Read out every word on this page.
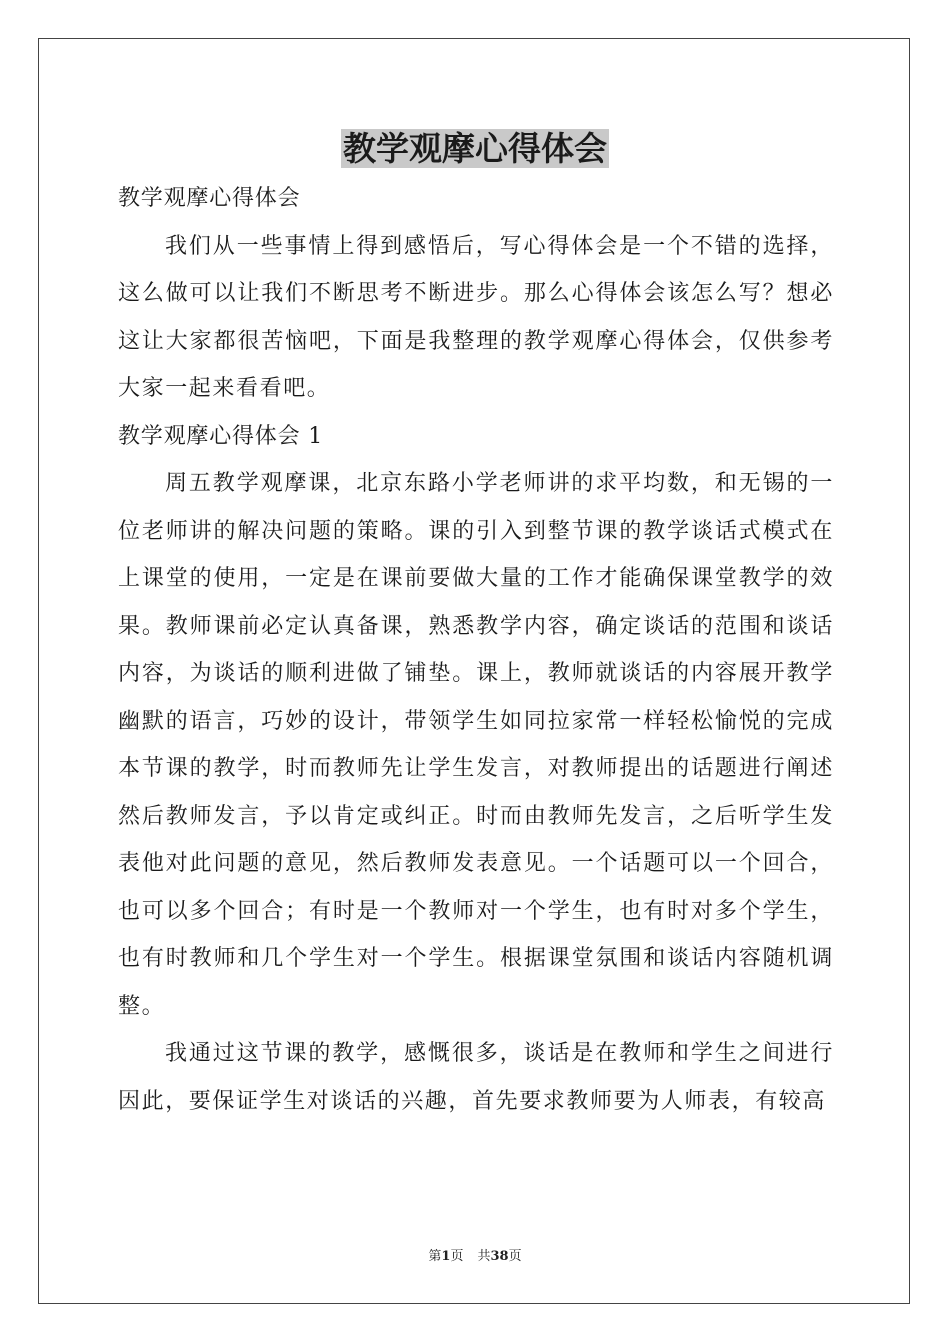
教学观摩心得体会

教学观摩心得体会

我们从一些事情上得到感悟后，写心得体会是一个不错的选择，这么做可以让我们不断思考不断进步。那么心得体会该怎么写？想必这让大家都很苦恼吧，下面是我整理的教学观摩心得体会，仅供参考大家一起来看看吧。

教学观摩心得体会 1

周五教学观摩课，北京东路小学老师讲的求平均数，和无锡的一位老师讲的解决问题的策略。课的引入到整节课的教学谈话式模式在上课堂的使用，一定是在课前要做大量的工作才能确保课堂教学的效果。教师课前必定认真备课，熟悉教学内容，确定谈话的范围和谈话内容，为谈话的顺利进做了铺垫。课上，教师就谈话的内容展开教学幽默的语言，巧妙的设计，带领学生如同拉家常一样轻松愉悦的完成本节课的教学，时而教师先让学生发言，对教师提出的话题进行阐述然后教师发言，予以肯定或纠正。时而由教师先发言，之后听学生发表他对此问题的意见，然后教师发表意见。一个话题可以一个回合，也可以多个回合；有时是一个教师对一个学生，也有时对多个学生，也有时教师和几个学生对一个学生。根据课堂氛围和谈话内容随机调整。

我通过这节课的教学，感慨很多，谈话是在教师和学生之间进行因此，要保证学生对谈话的兴趣，首先要求教师要为人师表，有较高

第1页 共38页
